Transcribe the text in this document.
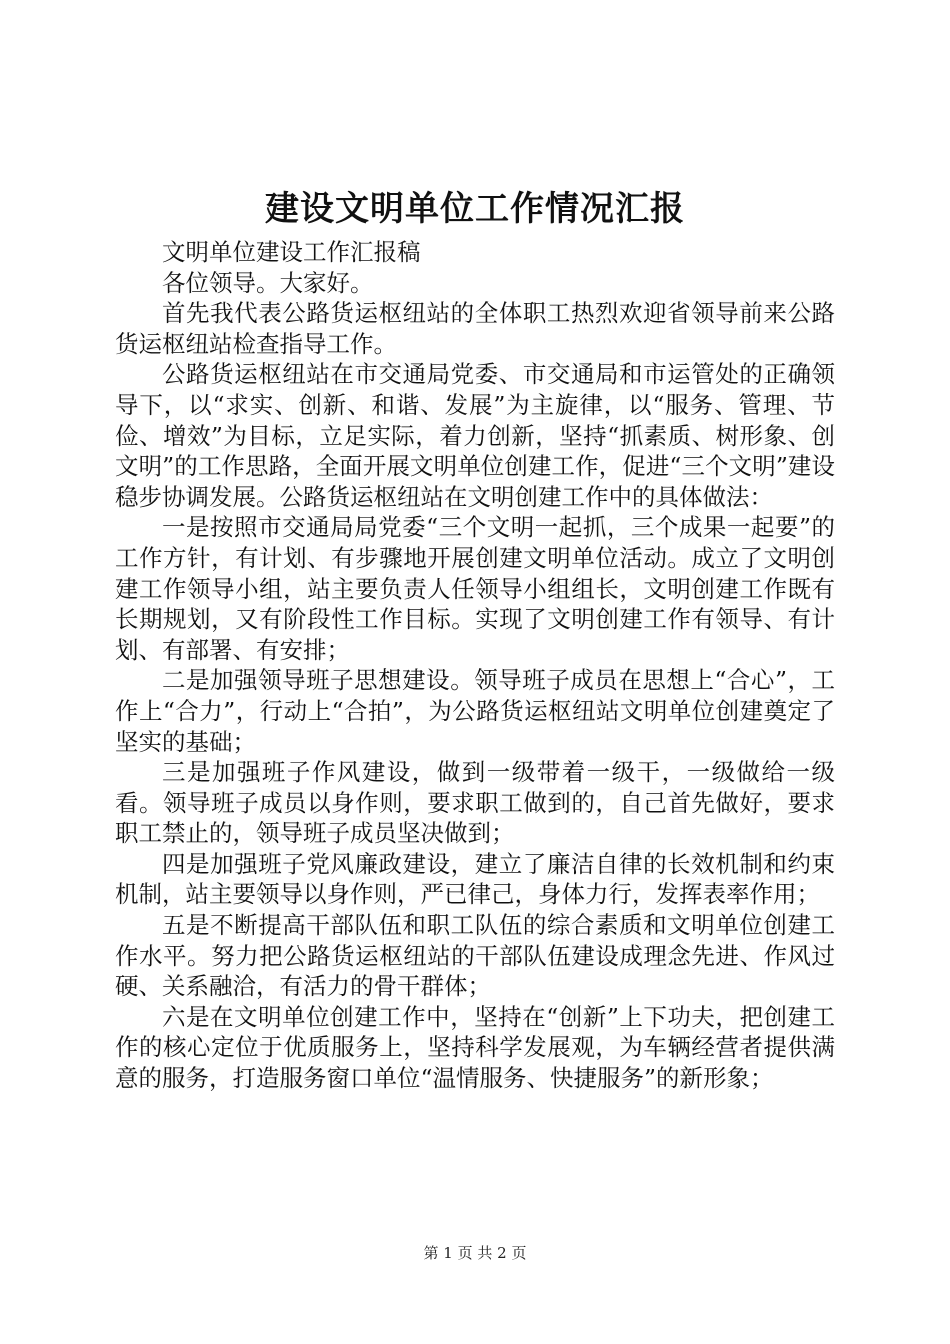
建设文明单位工作情况汇报

文明单位建设工作汇报稿

各位领导。大家好。

首先我代表公路货运枢纽站的全体职工热烈欢迎省领导前来公路货运枢纽站检查指导工作。

公路货运枢纽站在市交通局党委、市交通局和市运管处的正确领导下，以“求实、创新、和谐、发展”为主旋律，以“服务、管理、节俭、增效”为目标，立足实际，着力创新，坚持“抓素质、树形象、创文明”的工作思路，全面开展文明单位创建工作，促进“三个文明”建设稳步协调发展。公路货运枢纽站在文明创建工作中的具体做法：

一是按照市交通局局党委“三个文明一起抓，三个成果一起要”的工作方针，有计划、有步骤地开展创建文明单位活动。成立了文明创建工作领导小组，站主要负责人任领导小组组长，文明创建工作既有长期规划，又有阶段性工作目标。实现了文明创建工作有领导、有计划、有部署、有安排；

二是加强领导班子思想建设。领导班子成员在思想上“合心”，工作上“合力”，行动上“合拍”，为公路货运枢纽站文明单位创建奠定了坚实的基础；

三是加强班子作风建设，做到一级带着一级干，一级做给一级看。领导班子成员以身作则，要求职工做到的，自己首先做好，要求职工禁止的，领导班子成员坚决做到；

四是加强班子党风廉政建设，建立了廉洁自律的长效机制和约束机制，站主要领导以身作则，严已律己，身体力行，发挥表率作用；

五是不断提高干部队伍和职工队伍的综合素质和文明单位创建工作水平。努力把公路货运枢纽站的干部队伍建设成理念先进、作风过硬、关系融洽，有活力的骨干群体；

六是在文明单位创建工作中，坚持在“创新”上下功夫，把创建工作的核心定位于优质服务上，坚持科学发展观，为车辆经营者提供满意的服务，打造服务窗口单位“温情服务、快捷服务”的新形象；

第 1 页 共 2 页
